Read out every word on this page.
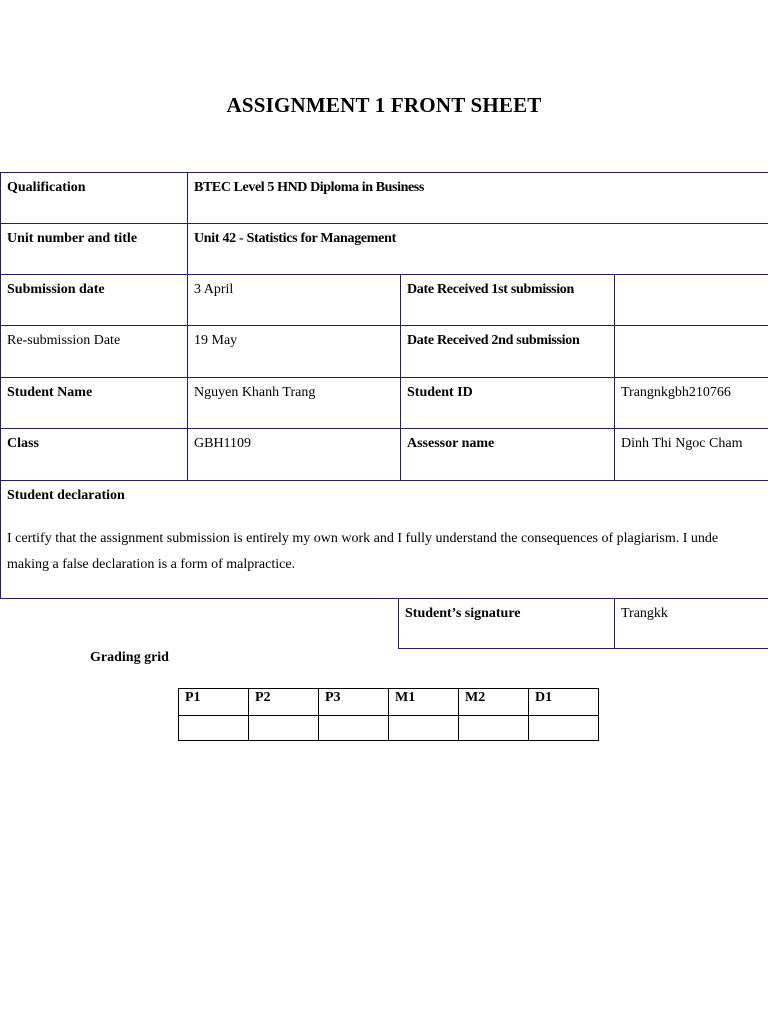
ASSIGNMENT 1 FRONT SHEET
Qualification	BTEC Level 5 HND Diploma in Business
Unit number and title	Unit 42 - Statistics for Management
Submission date	3 April	Date Received 1st submission
Re-submission Date	19 May	Date Received 2nd submission
Student Name	Nguyen Khanh Trang	Student ID	Trangnkgbh210766
Class	GBH1109	Assessor name	Dinh Thi Ngoc Cham
Student declaration
I certify that the assignment submission is entirely my own work and I fully understand the consequences of plagiarism. I unde
making a false declaration is a form of malpractice.
Student’s signature	Trangkk
Grading grid
P1	P2	P3	M1	M2	D1
